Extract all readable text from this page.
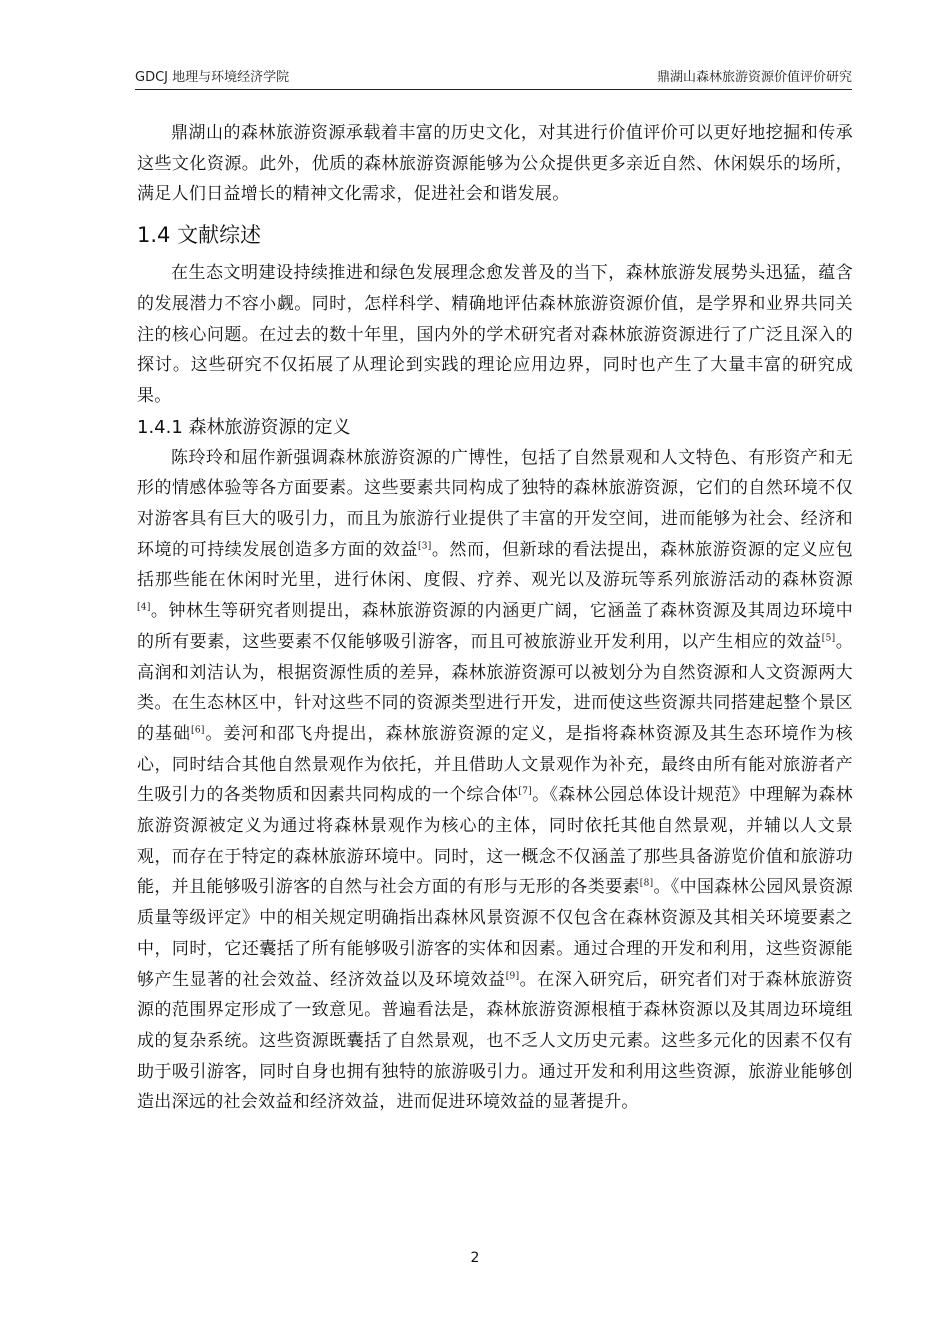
GDCJ 地理与环境经济学院	鼎湖山森林旅游资源价值评价研究

鼎湖山的森林旅游资源承载着丰富的历史文化，对其进行价值评价可以更好地挖掘和传承这些文化资源。此外，优质的森林旅游资源能够为公众提供更多亲近自然、休闲娱乐的场所，满足人们日益增长的精神文化需求，促进社会和谐发展。

1.4 文献综述

在生态文明建设持续推进和绿色发展理念愈发普及的当下，森林旅游发展势头迅猛，蕴含的发展潜力不容小觑。同时，怎样科学、精确地评估森林旅游资源价值，是学界和业界共同关注的核心问题。在过去的数十年里，国内外的学术研究者对森林旅游资源进行了广泛且深入的探讨。这些研究不仅拓展了从理论到实践的理论应用边界，同时也产生了大量丰富的研究成果。

1.4.1 森林旅游资源的定义

陈玲玲和屈作新强调森林旅游资源的广博性，包括了自然景观和人文特色、有形资产和无形的情感体验等各方面要素。这些要素共同构成了独特的森林旅游资源，它们的自然环境不仅对游客具有巨大的吸引力，而且为旅游行业提供了丰富的开发空间，进而能够为社会、经济和环境的可持续发展创造多方面的效益[3]。然而，但新球的看法提出，森林旅游资源的定义应包括那些能在休闲时光里，进行休闲、度假、疗养、观光以及游玩等系列旅游活动的森林资源[4]。钟林生等研究者则提出，森林旅游资源的内涵更广阔，它涵盖了森林资源及其周边环境中的所有要素，这些要素不仅能够吸引游客，而且可被旅游业开发利用，以产生相应的效益[5]。高润和刘洁认为，根据资源性质的差异，森林旅游资源可以被划分为自然资源和人文资源两大类。在生态林区中，针对这些不同的资源类型进行开发，进而使这些资源共同搭建起整个景区的基础[6]。姜河和邵飞舟提出，森林旅游资源的定义，是指将森林资源及其生态环境作为核心，同时结合其他自然景观作为依托，并且借助人文景观作为补充，最终由所有能对旅游者产生吸引力的各类物质和因素共同构成的一个综合体[7]。《森林公园总体设计规范》中理解为森林旅游资源被定义为通过将森林景观作为核心的主体，同时依托其他自然景观，并辅以人文景观，而存在于特定的森林旅游环境中。同时，这一概念不仅涵盖了那些具备游览价值和旅游功能，并且能够吸引游客的自然与社会方面的有形与无形的各类要素[8]。《中国森林公园风景资源质量等级评定》中的相关规定明确指出森林风景资源不仅包含在森林资源及其相关环境要素之中，同时，它还囊括了所有能够吸引游客的实体和因素。通过合理的开发和利用，这些资源能够产生显著的社会效益、经济效益以及环境效益[9]。在深入研究后，研究者们对于森林旅游资源的范围界定形成了一致意见。普遍看法是，森林旅游资源根植于森林资源以及其周边环境组成的复杂系统。这些资源既囊括了自然景观，也不乏人文历史元素。这些多元化的因素不仅有助于吸引游客，同时自身也拥有独特的旅游吸引力。通过开发和利用这些资源，旅游业能够创造出深远的社会效益和经济效益，进而促进环境效益的显著提升。

2
